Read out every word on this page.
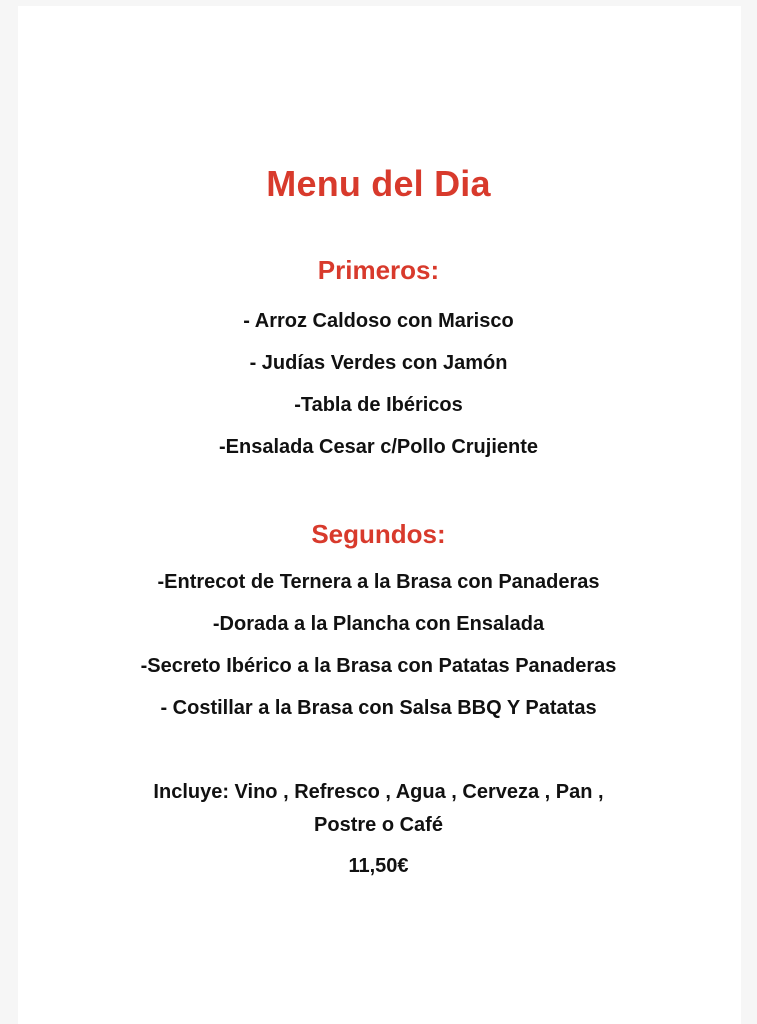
Menu del Dia
Primeros:
- Arroz Caldoso con Marisco
- Judías Verdes con Jamón
-Tabla de Ibéricos
-Ensalada Cesar c/Pollo Crujiente
Segundos:
-Entrecot de Ternera a la Brasa con Panaderas
-Dorada a la Plancha con Ensalada
-Secreto Ibérico a la Brasa con Patatas Panaderas
- Costillar a la Brasa con Salsa BBQ Y Patatas
Incluye: Vino , Refresco , Agua , Cerveza , Pan ,
Postre o Café
11,50€
